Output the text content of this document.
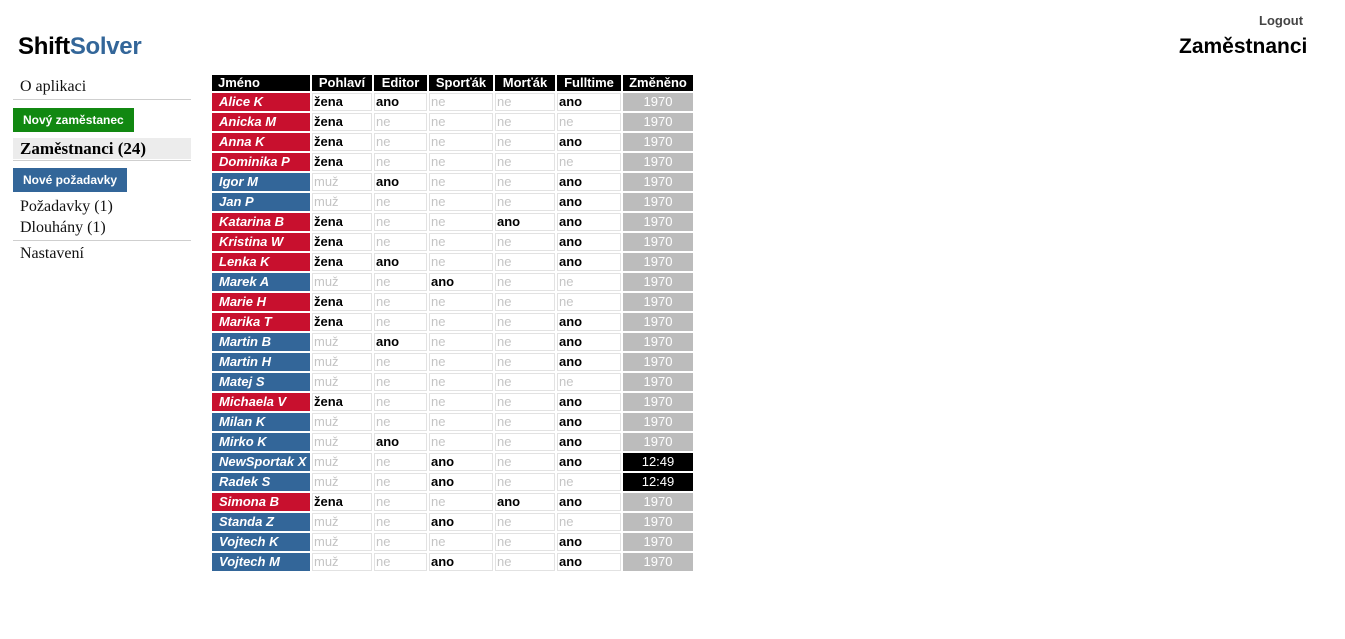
Logout
ShiftSolver	Zaměstnanci
O aplikaci
Nový zaměstanec
Zaměstnanci (24)
Nové požadavky
Požadavky (1)
Dlouhány (1)
Nastavení
Jméno	Pohlaví	Editor	Sporťák	Morťák	Fulltime	Změněno
Alice K	žena	ano	ne	ne	ano	1970
Anicka M	žena	ne	ne	ne	ne	1970
Anna K	žena	ne	ne	ne	ano	1970
Dominika P	žena	ne	ne	ne	ne	1970
Igor M	muž	ano	ne	ne	ano	1970
Jan P	muž	ne	ne	ne	ano	1970
Katarina B	žena	ne	ne	ano	ano	1970
Kristina W	žena	ne	ne	ne	ano	1970
Lenka K	žena	ano	ne	ne	ano	1970
Marek A	muž	ne	ano	ne	ne	1970
Marie H	žena	ne	ne	ne	ne	1970
Marika T	žena	ne	ne	ne	ano	1970
Martin B	muž	ano	ne	ne	ano	1970
Martin H	muž	ne	ne	ne	ano	1970
Matej S	muž	ne	ne	ne	ne	1970
Michaela V	žena	ne	ne	ne	ano	1970
Milan K	muž	ne	ne	ne	ano	1970
Mirko K	muž	ano	ne	ne	ano	1970
NewSportak X	muž	ne	ano	ne	ano	12:49
Radek S	muž	ne	ano	ne	ne	12:49
Simona B	žena	ne	ne	ano	ano	1970
Standa Z	muž	ne	ano	ne	ne	1970
Vojtech K	muž	ne	ne	ne	ano	1970
Vojtech M	muž	ne	ano	ne	ano	1970
